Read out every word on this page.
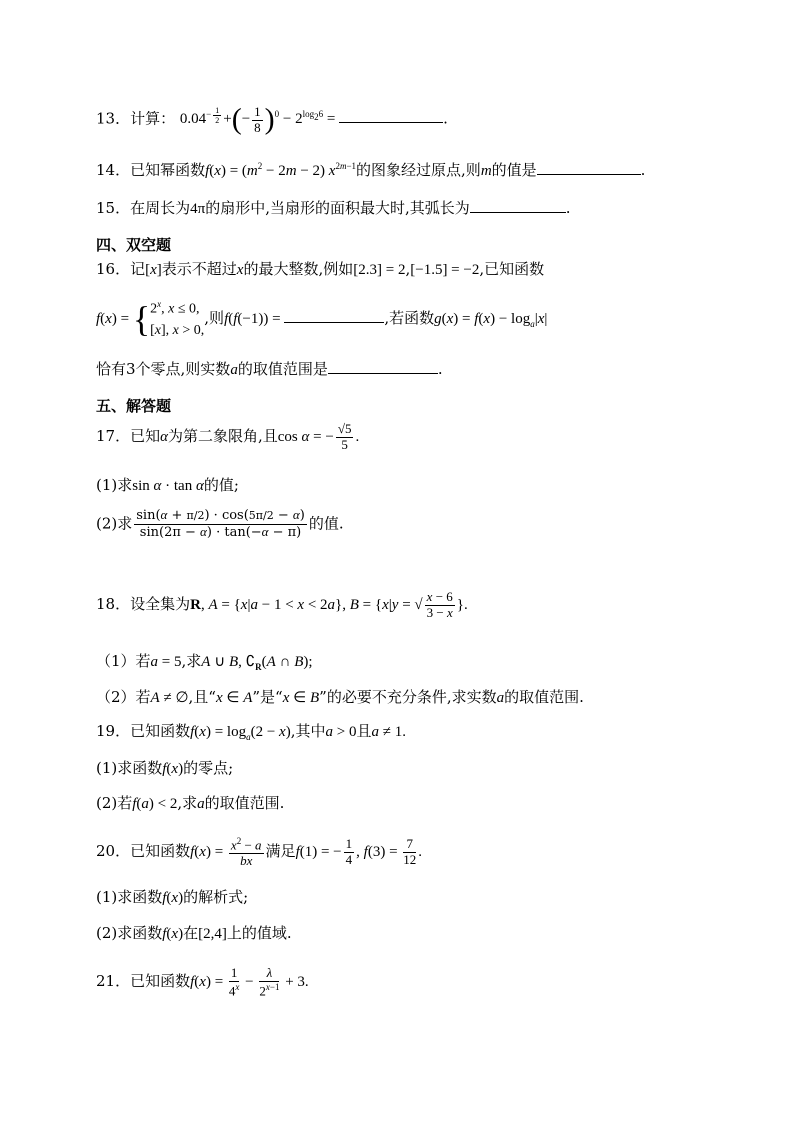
13．计算： $0.04^{- \frac{1}{2}}$ +(− $\frac{1}{8} )^0 - 2^{log_26}$ =	.
14．已知幂函数$f(x) = (m^2 - 2m - 2)$ $x^{2m-1}$的图象经过原点,则m的值是	.
15．在周长为4π的扇形中,当扇形的面积最大时,其弧长为	.
四、双空题
16．记[x]表示不超过x的最大整数,例如[2.3] = 2,[−1.5] = −2,已知函数
$f(x) = \{2^x$, x ≤ 0,
[x], x > 0,,则f(f(−1)) =	,若函数$g(x) = f(x) - \log_a|x|$
恰有3个零点,则实数a的取值范围是	.
五、解答题
17．已知α为第二象限角,且cos α = − $\frac{√5}{5}$ .
(1)求sin α · tan α的值;
(2)求 $\frac{\sin(\alpha + \pi/2) \cdot \cos(5\pi/2 - \alpha)}{\sin(2\pi - \alpha) \cdot \tan(-\alpha - \pi)}$ 的值.
18．设全集为R, A = {x|a − 1 < x < 2a}, B = {x|y = √ $\frac{x - 6}{3 - x}$ }.
（1）若a = 5,求A ∪ B, $∁_R(A$ ∩ B);
（2）若A ≠ ∅,且“x ∈ A”是“x ∈ B”的必要不充分条件,求实数a的取值范围.
19．已知函数$f(x) = \log_a(2 - x)$,其中a > 0且a ≠ 1.
(1)求函数f(x)的零点;
(2)若f(a) < 2,求a的取值范围.
20．已知函数$f(x) = \frac{x^2 - a}{bx}$ 满足f(1) = − $\frac{1}{4}$ , $f(3) = \frac{7}{12}$ .
(1)求函数f(x)的解析式;
(2)求函数f(x)在[2,4]上的值域.
21．已知函数$f(x) = \frac{1}{4^x} - \frac{\lambda}{2^{x-1}} + 3$.
